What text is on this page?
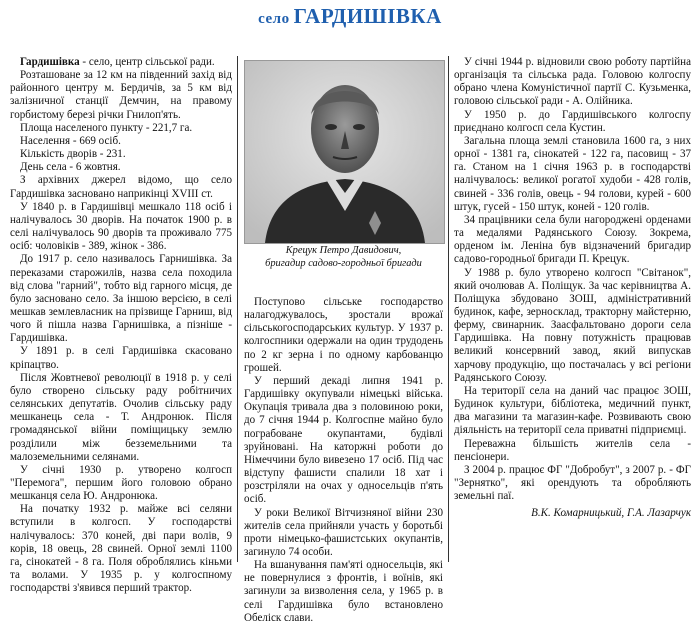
село ГАРДИШІВКА

Гардишівка - село, центр сільської ради.

Розташоване за 12 км на південний захід від районного центру м. Бердичів, за 5 км від залізничної станції Демчин, на правому горбистому березі річки Гнилоп'ять.

Площа населеного пункту - 221,7 га.

Населення - 669 осіб.

Кількість дворів - 231.

День села - 6 жовтня.

З архівних джерел відомо, що село Гардишівка засновано наприкінці XVIII ст.

У 1840 р. в Гардишівці мешкало 118 осіб і налічувалось 30 дворів. На початок 1900 р. в селі налічувалось 90 дворів та проживало 775 осіб: чоловіків - 389, жінок - 386.

До 1917 р. село називалось Гарнишівка. За переказами старожилів, назва села походила від слова "гарний", тобто від гарного місця, де було засновано село. За іншою версією, в селі мешкав землевласник на прізвище Гарниш, від чого й пішла назва Гарнишівка, а пізніше - Гардишівка.

У 1891 р. в селі Гардишівка скасовано кріпацтво.

Після Жовтневої революції в 1918 р. у селі було створено сільську раду робітничих селянських депутатів. Очолив сільську раду мешканець села - Т. Андронюк. Після громадянської війни поміщицьку землю розділили між безземельними та малоземельними селянами.

У січні 1930 р. утворено колгосп "Перемога", першим його головою обрано мешканця села Ю. Андронюка.

На початку 1932 р. майже всі селяни вступили в колгосп. У господарстві налічувалось: 370 коней, дві пари волів, 9 корів, 18 овець, 28 свиней. Орної землі 1100 га, сінокатей - 8 га. Поля оброблялись кіньми та волами. У 1935 р. у колгоспному господарстві з'явився перший трактор.

Крецук Петро Давидович,
бригадир садово-городньої бригади

Поступово сільське господарство налагоджувалось, зростали врожаї сільськогосподарських культур. У 1937 р. колгоспники одержали на один трудодень по 2 кг зерна і по одному карбованцю грошей.

У перший декаді липня 1941 р. Гардишівку окупували німецькі війська. Окупація тривала два з половиною роки, до 7 січня 1944 р. Колгоспне майно було пограбоване окупантами, будівлі зруйновані. На каторжні роботи до Німеччини було вивезено 17 осіб. Під час відступу фашисти спалили 18 хат і розстріляли на очах у односельців п'ять осіб.

У роки Великої Вітчизняної війни 230 жителів села прийняли участь у боротьбі проти німецько-фашистських окупантів, загинуло 74 особи.

На вшанування пам'яті односельців, які не повернулися з фронтів, і воїнів, які загинули за визволення села, у 1965 р. в селі Гардишівка було встановлено Обеліск слави.

У січні 1944 р. відновили свою роботу партійна організація та сільська рада. Головою колгоспу обрано члена Комуністичної партії С. Кузьменка, головою сільської ради - А. Олійника.

У 1950 р. до Гардишівського колгоспу приєднано колгосп села Кустин.

Загальна площа землі становила 1600 га, з них орної - 1381 га, сінокатей - 122 га, пасовищ - 37 га. Станом на 1 січня 1963 р. в господарстві налічувалось: великої рогатої худоби - 428 голів, свиней - 336 голів, овець - 94 голови, курей - 600 штук, гусей - 150 штук, коней - 120 голів.

34 працівники села були нагороджені орденами та медалями Радянського Союзу. Зокрема, орденом ім. Леніна був відзначений бригадир садово-городньої бригади П. Крецук.

У 1988 р. було утворено колгосп "Світанок", який очолював А. Поліщук. За час керівництва А. Поліщука збудовано ЗОШ, адміністративний будинок, кафе, зерносклад, тракторну майстерню, ферму, свинарник. Заасфальтовано дороги села Гардишівка. На повну потужність працював великий консервний завод, який випускав харчову продукцію, що постачалась у всі регіони Радянського Союзу.

На території села на даний час працює ЗОШ, Будинок культури, бібліотека, медичний пункт, два магазини та магазин-кафе. Розвивають свою діяльність на території села приватні підприємці.

Переважна більшість жителів села - пенсіонери.

З 2004 р. працює ФГ "Добробут", з 2007 р. - ФГ "Зернятко", які орендують та обробляють земельні паї.

В.К. Комарницький, Г.А. Лазарчук
